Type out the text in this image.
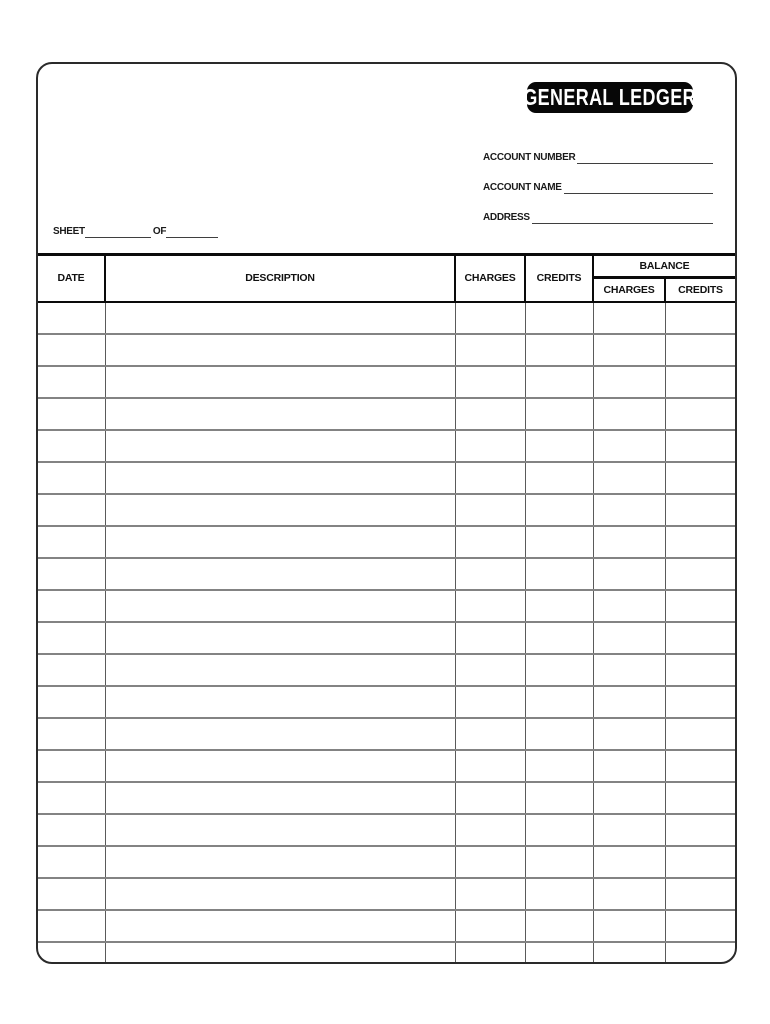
GENERAL LEDGER
ACCOUNT NUMBER
ACCOUNT NAME
ADDRESS
SHEET	OF
DATE	DESCRIPTION	CHARGES	CREDITS	BALANCE	
				CHARGES	CREDITS
